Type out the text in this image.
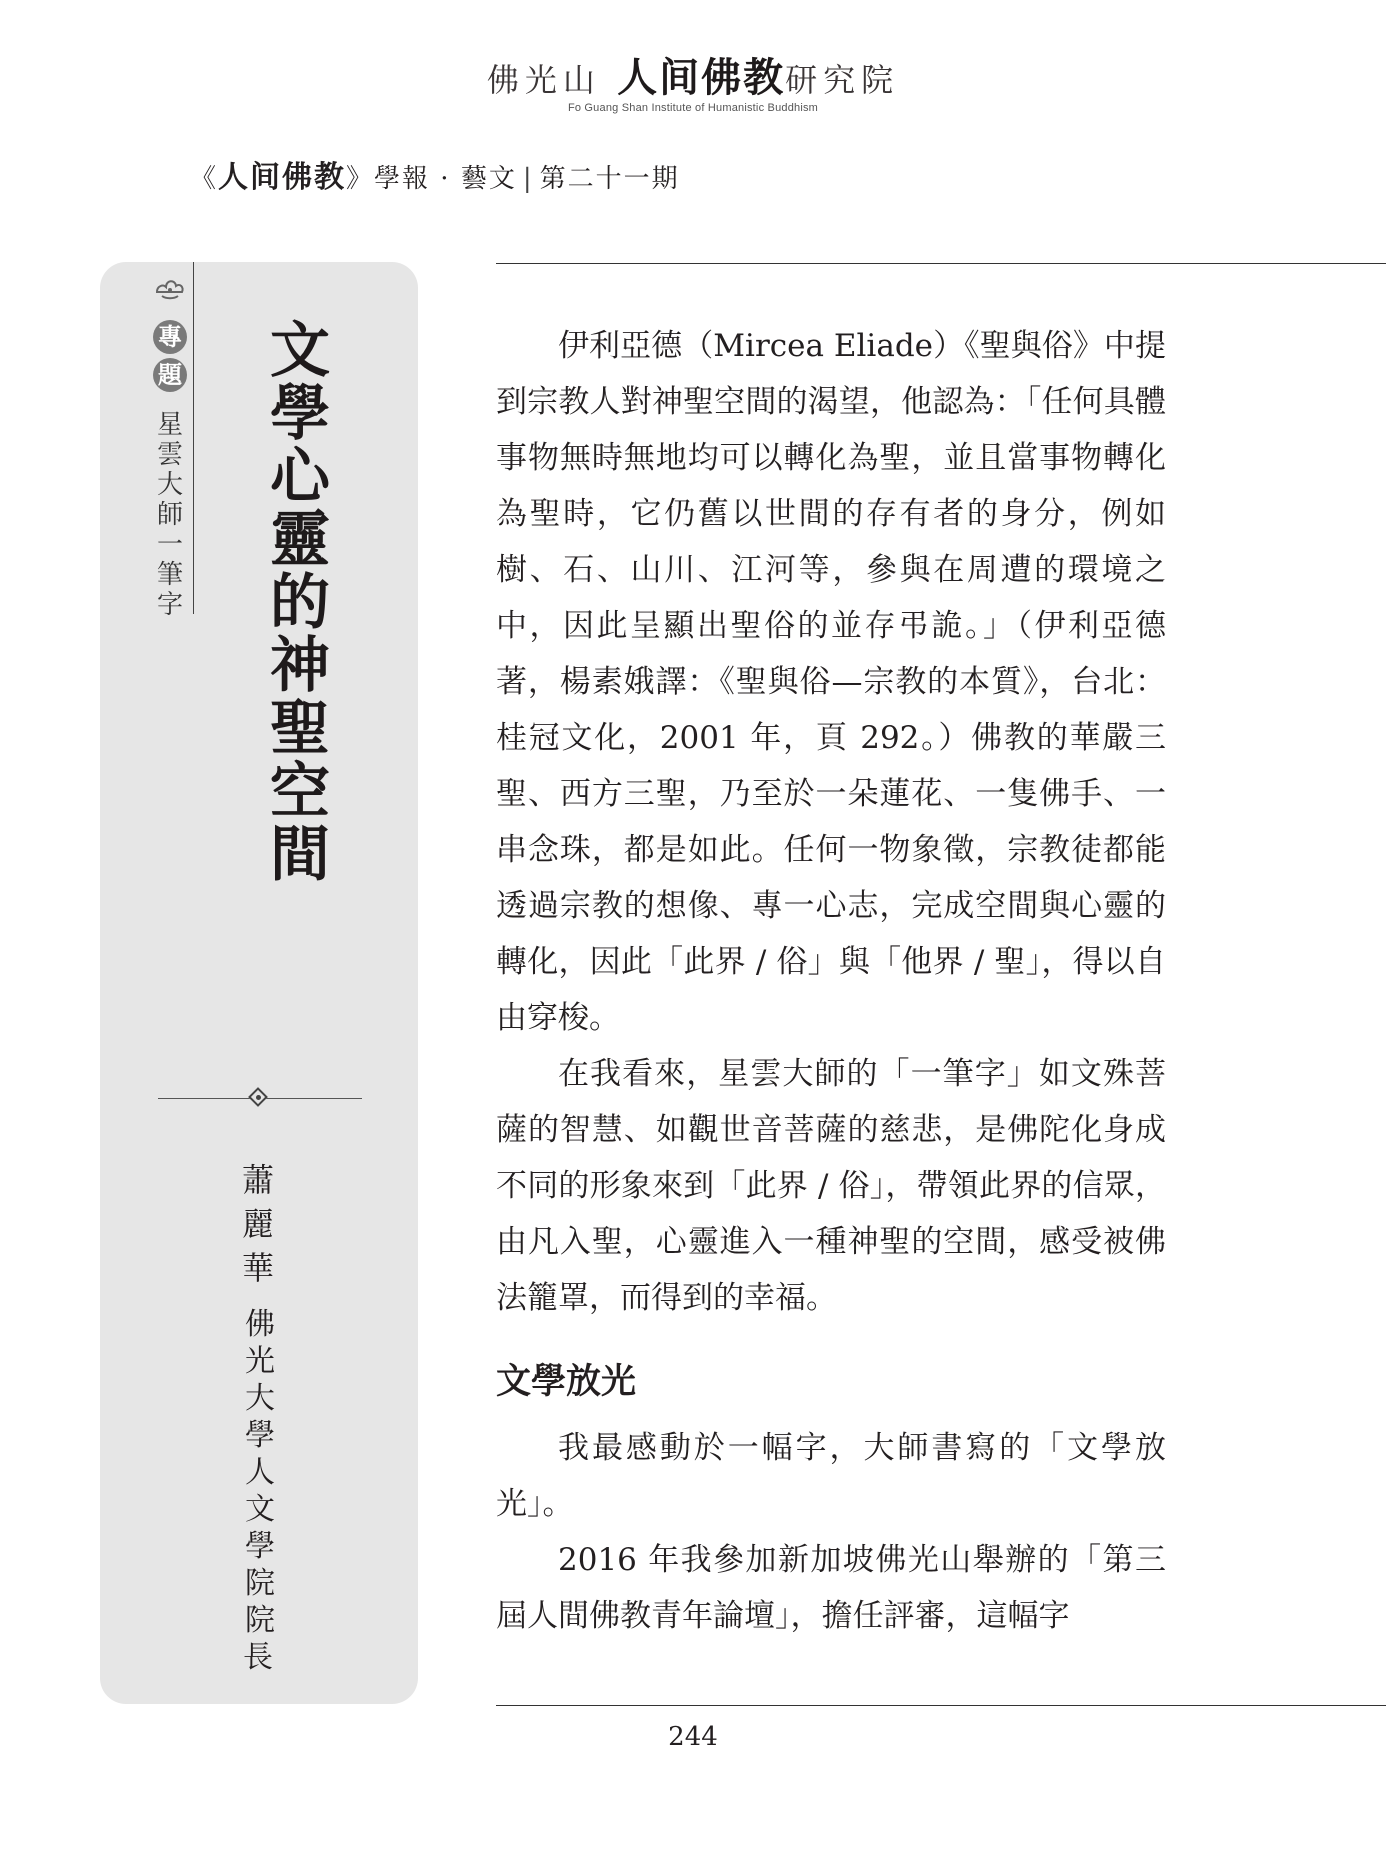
佛光山 人间佛教研究院
Fo Guang Shan Institute of Humanistic Buddhism
《人间佛教》學報 · 藝文 | 第二十一期
專
題
星雲大師一筆字
文學心靈的神聖空間
蕭麗華
佛光大學人文學院院
長

伊利亞德（Mircea Eliade）《聖與俗》中提到宗教人對神聖空間的渴望，他認為：「任何具體事物無時無地均可以轉化為聖，並且當事物轉化為聖時，它仍舊以世間的存有者的身分，例如樹、石、山川、江河等，參與在周遭的環境之中，因此呈顯出聖俗的並存弔詭。」（伊利亞德著，楊素娥譯：《聖與俗—宗教的本質》，台北：桂冠文化，2001 年，頁 292。）佛教的華嚴三聖、西方三聖，乃至於一朵蓮花、一隻佛手、一串念珠，都是如此。任何一物象徵，宗教徒都能透過宗教的想像、專一心志，完成空間與心靈的轉化，因此「此界 / 俗」與「他界 / 聖」，得以自由穿梭。

在我看來，星雲大師的「一筆字」如文殊菩薩的智慧、如觀世音菩薩的慈悲，是佛陀化身成不同的形象來到「此界 / 俗」，帶領此界的信眾，由凡入聖，心靈進入一種神聖的空間，感受被佛法籠罩，而得到的幸福。

文學放光

我最感動於一幅字，大師書寫的「文學放光」。

2016 年我參加新加坡佛光山舉辦的「第三屆人間佛教青年論壇」，擔任評審，這幅字

244
